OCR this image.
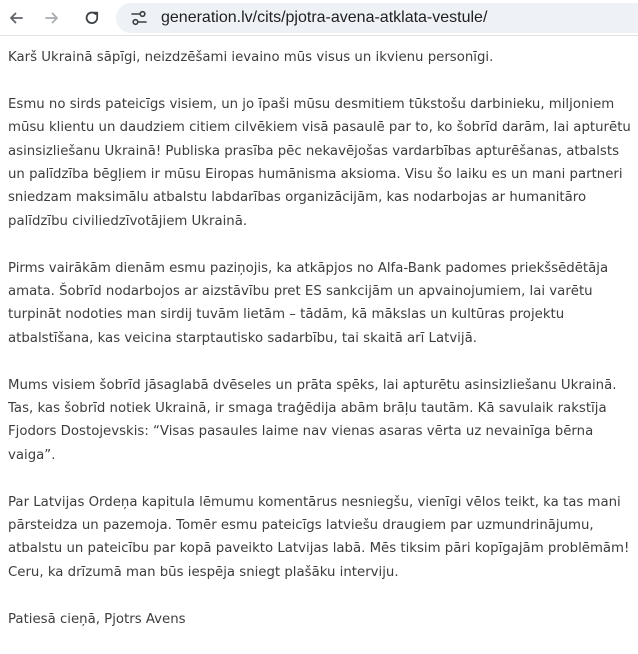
generation.lv/cits/pjotra-avena-atklata-vestule/

Karš Ukrainā sāpīgi, neizdzēšami ievaino mūs visus un ikvienu personīgi.

Esmu no sirds pateicīgs visiem, un jo īpaši mūsu desmitiem tūkstošu darbinieku, miljoniem mūsu klientu un daudziem citiem cilvēkiem visā pasaulē par to, ko šobrīd darām, lai apturētu asinsizliešanu Ukrainā! Publiska prasība pēc nekavējošas vardarbības apturēšanas, atbalsts un palīdzība bēgļiem ir mūsu Eiropas humānisma aksioma. Visu šo laiku es un mani partneri sniedzam maksimālu atbalstu labdarības organizācijām, kas nodarbojas ar humanitāro palīdzību civiliedzīvotājiem Ukrainā.

Pirms vairākām dienām esmu paziņojis, ka atkāpjos no Alfa-Bank padomes priekšsēdētāja amata. Šobrīd nodarbojos ar aizstāvību pret ES sankcijām un apvainojumiem, lai varētu turpināt nodoties man sirdij tuvām lietām – tādām, kā mākslas un kultūras projektu atbalstīšana, kas veicina starptautisko sadarbību, tai skaitā arī Latvijā.

Mums visiem šobrīd jāsaglabā dvēseles un prāta spēks, lai apturētu asinsizliešanu Ukrainā. Tas, kas šobrīd notiek Ukrainā, ir smaga traģēdija abām brāļu tautām. Kā savulaik rakstīja Fjodors Dostojevskis: “Visas pasaules laime nav vienas asaras vērta uz nevainīga bērna vaiga”.

Par Latvijas Ordeņa kapitula lēmumu komentārus nesniegšu, vienīgi vēlos teikt, ka tas mani pārsteidza un pazemoja. Tomēr esmu pateicīgs latviešu draugiem par uzmundrinājumu, atbalstu un pateicību par kopā paveikto Latvijas labā. Mēs tiksim pāri kopīgajām problēmām! Ceru, ka drīzumā man būs iespēja sniegt plašāku interviju.

Patiesā cieņā, Pjotrs Avens
